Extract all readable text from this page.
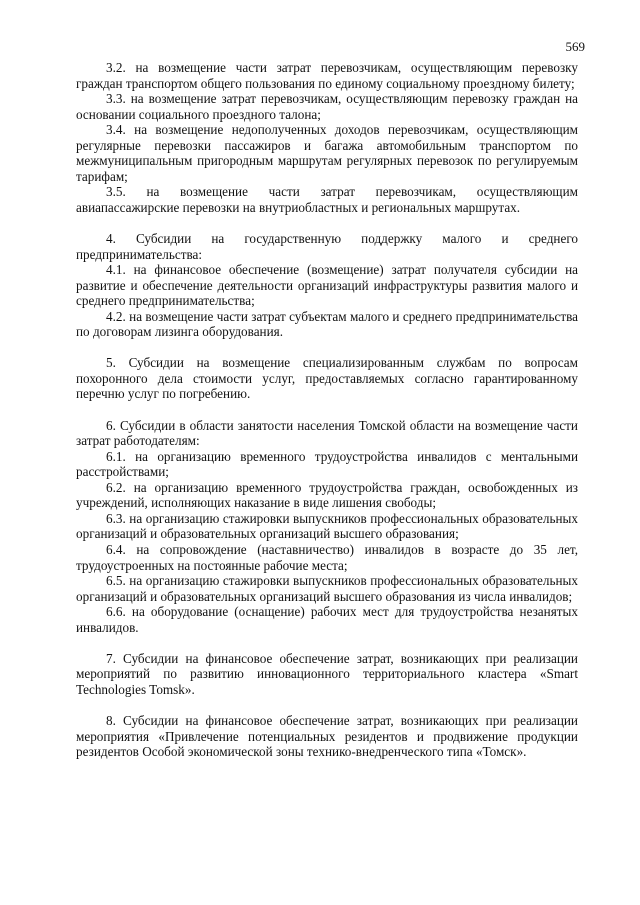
569

3.2. на возмещение части затрат перевозчикам, осуществляющим перевозку граждан транспортом общего пользования по единому социальному проездному билету;

3.3. на возмещение затрат перевозчикам, осуществляющим перевозку граждан на основании социального проездного талона;

3.4. на возмещение недополученных доходов перевозчикам, осуществляющим регулярные перевозки пассажиров и багажа автомобильным транспортом по межмуниципальным пригородным маршрутам регулярных перевозок по регулируемым тарифам;

3.5. на возмещение части затрат перевозчикам, осуществляющим авиапассажирские перевозки на внутриобластных и региональных маршрутах.

4. Субсидии на государственную поддержку малого и среднего предпринимательства:

4.1. на финансовое обеспечение (возмещение) затрат получателя субсидии на развитие и обеспечение деятельности организаций инфраструктуры развития малого и среднего предпринимательства;

4.2. на возмещение части затрат субъектам малого и среднего предпринимательства по договорам лизинга оборудования.

5. Субсидии на возмещение специализированным службам по вопросам похоронного дела стоимости услуг, предоставляемых согласно гарантированному перечню услуг по погребению.

6. Субсидии в области занятости населения Томской области на возмещение части затрат работодателям:

6.1. на организацию временного трудоустройства инвалидов с ментальными расстройствами;

6.2. на организацию временного трудоустройства граждан, освобожденных из учреждений, исполняющих наказание в виде лишения свободы;

6.3. на организацию стажировки выпускников профессиональных образовательных организаций и образовательных организаций высшего образования;

6.4. на сопровождение (наставничество) инвалидов в возрасте до 35 лет, трудоустроенных на постоянные рабочие места;

6.5. на организацию стажировки выпускников профессиональных образовательных организаций и образовательных организаций высшего образования из числа инвалидов;

6.6. на оборудование (оснащение) рабочих мест для трудоустройства незанятых инвалидов.

7. Субсидии на финансовое обеспечение затрат, возникающих при реализации мероприятий по развитию инновационного территориального кластера «Smart Technologies Tomsk».

8. Субсидии на финансовое обеспечение затрат, возникающих при реализации мероприятия «Привлечение потенциальных резидентов и продвижение продукции резидентов Особой экономической зоны технико-внедренческого типа «Томск».
